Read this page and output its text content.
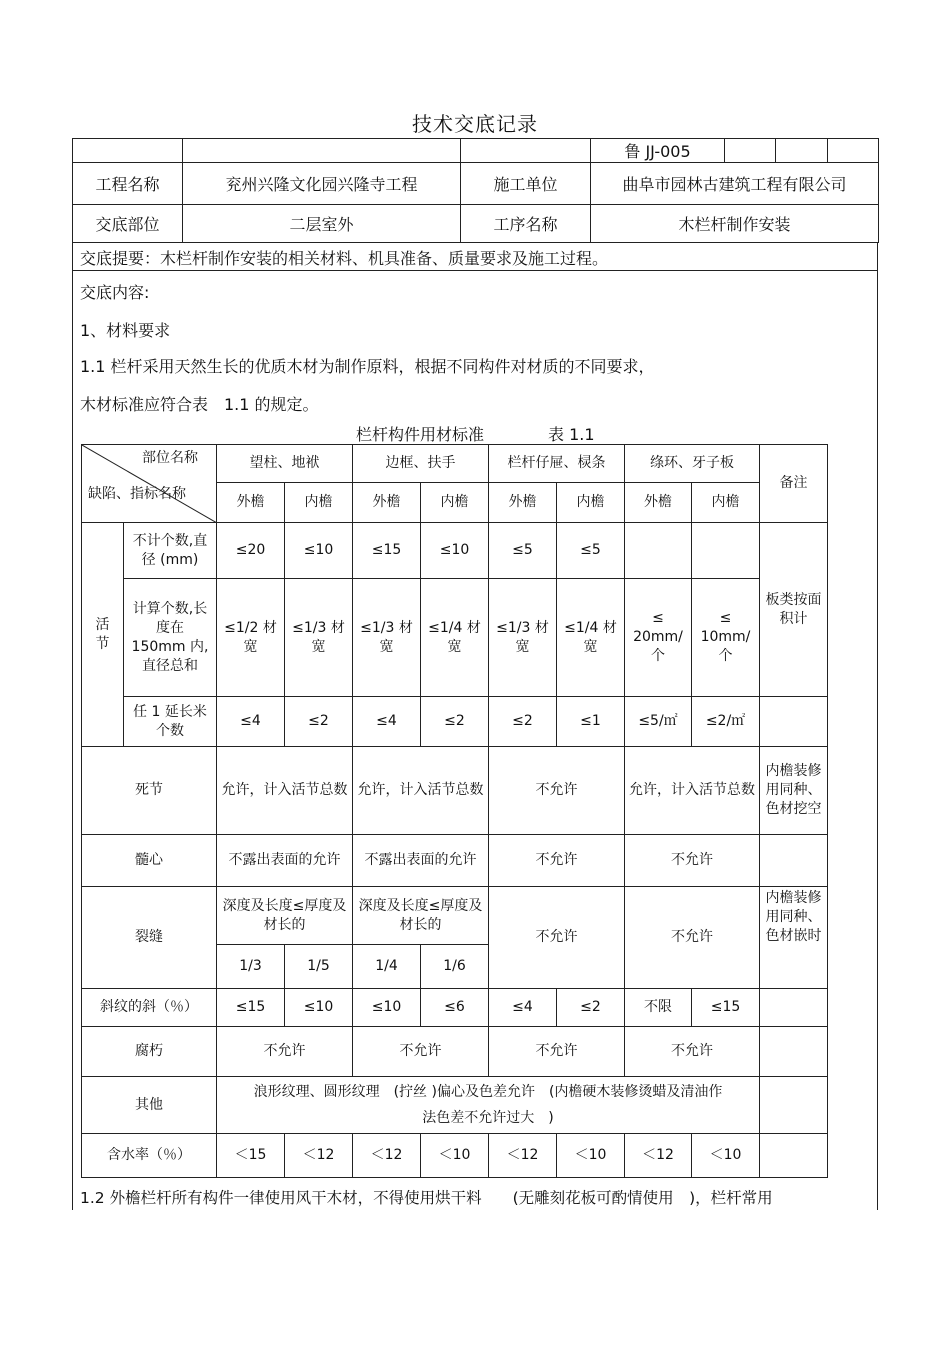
技术交底记录
			鲁 JJ-005			
工程名称	兖州兴隆文化园兴隆寺工程	施工单位	曲阜市园林古建筑工程有限公司			
交底部位	二层室外	工序名称	木栏杆制作安装			
交底提要：木栏杆制作安装的相关材料、机具准备、质量要求及施工过程。
交底内容:
1、材料要求
1.1 栏杆采用天然生长的优质木材为制作原料，根据不同构件对材质的不同要求，
木材标准应符合表　1.1 的规定。
栏杆构件用材标准	表 1.1
部位名称
缺陷、指标名称		望柱、地袱		边框、扶手		栏杆仔屉、棂条		绦环、牙子板		备注
		外檐	内檐	外檐	内檐	外檐	内檐	外檐	内檐	
活节	不计个数,直径 (mm)	≤20	≤10	≤15	≤10	≤5	≤5			板类按面积计
	计算个数,长度在 150mm 内, 直径总和	≤1/2 材宽	≤1/3 材宽	≤1/3 材宽	≤1/4 材宽	≤1/3 材宽	≤1/4 材宽	≤ 20mm/个	≤ 10mm/个	
	任 1 延长米个数	≤4	≤2	≤4	≤2	≤2	≤1	≤5/㎡	≤2/㎡	
死节		允许，计入活节总数		允许，计入活节总数		不允许		允许，计入活节总数		内檐装修用同种、色材挖空
髓心		不露出表面的允许		不露出表面的允许		不允许		不允许		
裂缝		深度及长度≤厚度及材长的		深度及长度≤厚度及材长的		不允许		不允许		内檐装修用同种、色材嵌时
		1/3	1/5	1/4	1/6					
斜纹的斜（％）		≤15	≤10	≤10	≤6	≤4	≤2	不限	≤15	
腐朽		不允许		不允许		不允许		不允许		
其他		浪形纹理、圆形纹理　(拧丝 )偏心及色差允许　(内檐硬木装修烫蜡及清油作
法色差不允许过大　)								

含水率（％）		＜15	＜12	＜12	＜10	＜12	＜10	＜12	＜10	
1.2 外檐栏杆所有构件一律使用风干木材，不得使用烘干料　　(无雕刻花板可酌情使用　)，栏杆常用
